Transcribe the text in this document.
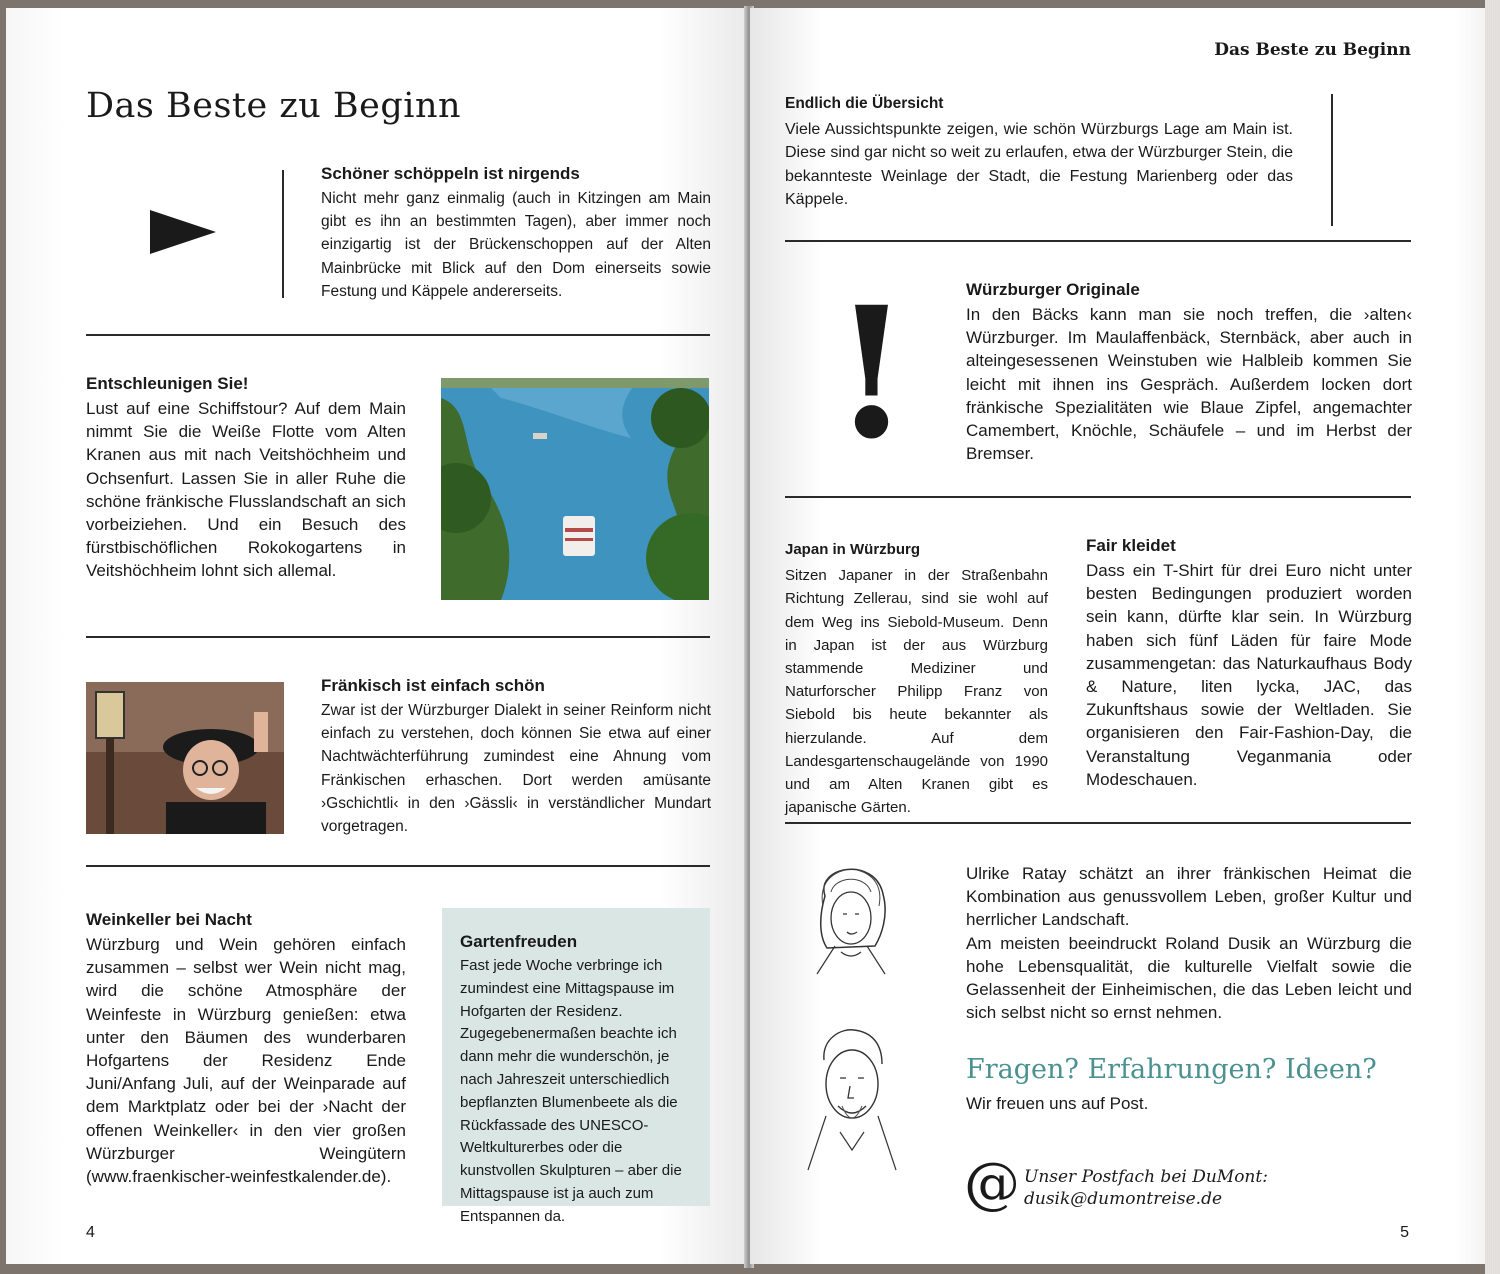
Das Beste zu Beginn
Schöner schöppeln ist nirgends

Nicht mehr ganz einmalig (auch in Kitzingen am Main gibt es ihn an bestimmten Tagen), aber immer noch einzigartig ist der Brückenschoppen auf der Alten Mainbrücke mit Blick auf den Dom einerseits sowie Festung und Käppele andererseits.

Entschleunigen Sie!

Lust auf eine Schiffstour? Auf dem Main nimmt Sie die Weiße Flotte vom Alten Kranen aus mit nach Veitshöchheim und Ochsenfurt. Lassen Sie in aller Ruhe die schöne fränkische Flusslandschaft an sich vorbeiziehen. Und ein Besuch des fürstbischöflichen Rokokogartens in Veitshöchheim lohnt sich allemal.

Fränkisch ist einfach schön

Zwar ist der Würzburger Dialekt in seiner Reinform nicht einfach zu verstehen, doch können Sie etwa auf einer Nachtwächterführung zumindest eine Ahnung vom Fränkischen erhaschen. Dort werden amüsante ›Gschichtli‹ in den ›Gässli‹ in verständlicher Mundart vorgetragen.

Weinkeller bei Nacht

Würzburg und Wein gehören einfach zusammen – selbst wer Wein nicht mag, wird die schöne Atmosphäre der Weinfeste in Würzburg genießen: etwa unter den Bäumen des wunderbaren Hofgartens der Residenz Ende Juni/Anfang Juli, auf der Weinparade auf dem Marktplatz oder bei der ›Nacht der offenen Weinkeller‹ in den vier großen Würzburger Weingütern (www.fraenkischer-weinfestkalender.de).

Gartenfreuden

Fast jede Woche verbringe ich zumindest eine Mittagspause im Hofgarten der Residenz. Zugegebenermaßen beachte ich dann mehr die wunderschön, je nach Jahreszeit unterschiedlich bepflanzten Blumenbeete als die Rückfassade des UNESCO-Weltkulturerbes oder die kunstvollen Skulpturen – aber die Mittagspause ist ja auch zum Entspannen da.

4
Das Beste zu Beginn
Endlich die Übersicht

Viele Aussichtspunkte zeigen, wie schön Würzburgs Lage am Main ist. Diese sind gar nicht so weit zu erlaufen, etwa der Würzburger Stein, die bekannteste Weinlage der Stadt, die Festung Marienberg oder das Käppele.

!	Würzburger Originale

In den Bäcks kann man sie noch treffen, die ›alten‹ Würzburger. Im Maulaffenbäck, Sternbäck, aber auch in alteingesessenen Weinstuben wie Halbleib kommen Sie leicht mit ihnen ins Gespräch. Außerdem locken dort fränkische Spezialitäten wie Blaue Zipfel, angemachter Camembert, Knöchle, Schäufele – und im Herbst der Bremser.

Japan in Würzburg

Sitzen Japaner in der Straßenbahn Richtung Zellerau, sind sie wohl auf dem Weg ins Siebold-Museum. Denn in Japan ist der aus Würzburg stammende Mediziner und Naturforscher Philipp Franz von Siebold bis heute bekannter als hierzulande. Auf dem Landesgartenschaugelände von 1990 und am Alten Kranen gibt es japanische Gärten.

Fair kleidet

Dass ein T-Shirt für drei Euro nicht unter besten Bedingungen produziert worden sein kann, dürfte klar sein. In Würzburg haben sich fünf Läden für faire Mode zusammengetan: das Naturkaufhaus Body & Nature, liten lycka, JAC, das Zukunftshaus sowie der Weltladen. Sie organisieren den Fair-Fashion-Day, die Veranstaltung Veganmania oder Modeschauen.

Ulrike Ratay schätzt an ihrer fränkischen Heimat die Kombination aus genussvollem Leben, großer Kultur und herrlicher Landschaft.

Am meisten beeindruckt Roland Dusik an Würzburg die hohe Lebensqualität, die kulturelle Vielfalt sowie die Gelassenheit der Einheimischen, die das Leben leicht und sich selbst nicht so ernst nehmen.

Fragen? Erfahrungen? Ideen?
Wir freuen uns auf Post.
@ Unser Postfach bei DuMont:
dusik@dumontreise.de
5
